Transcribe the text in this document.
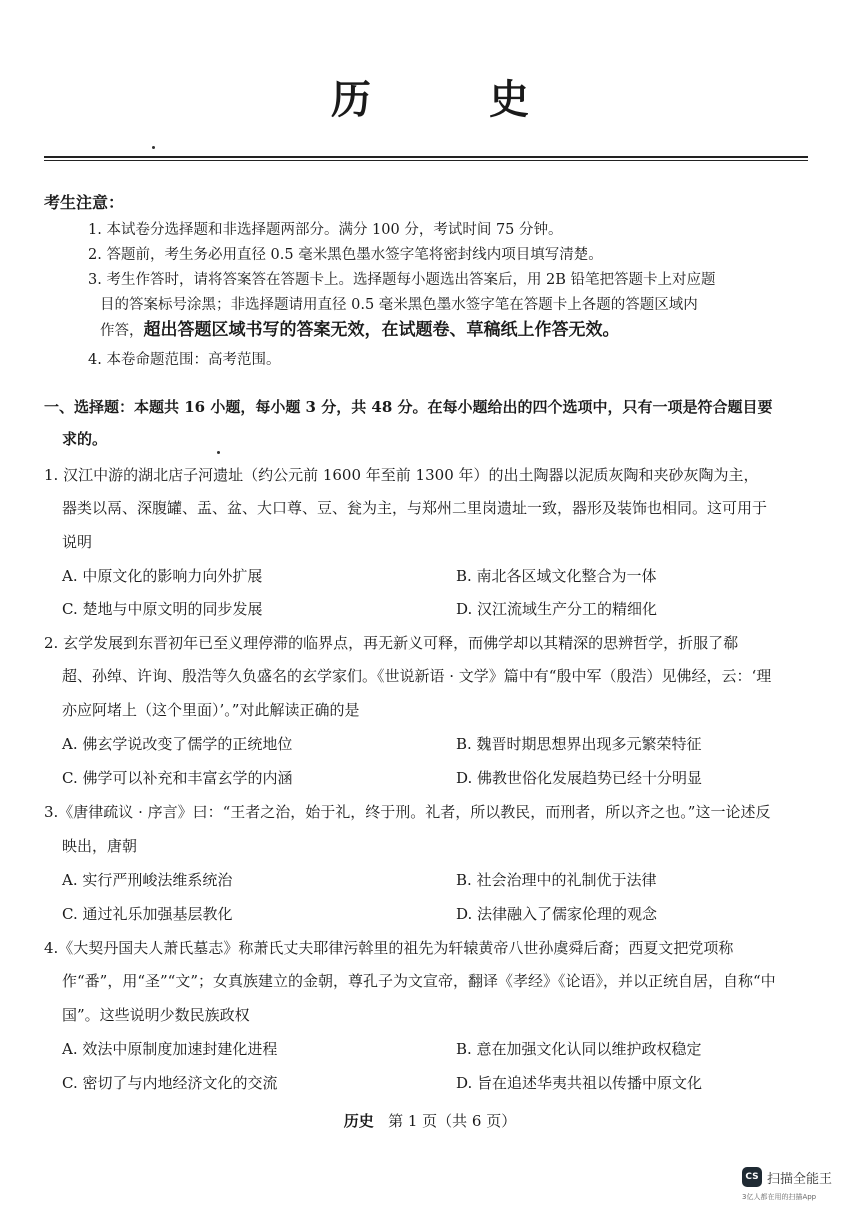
历 史
考生注意：
1. 本试卷分选择题和非选择题两部分。满分 100 分，考试时间 75 分钟。
2. 答题前，考生务必用直径 0.5 毫米黑色墨水签字笔将密封线内项目填写清楚。
3. 考生作答时，请将答案答在答题卡上。选择题每小题选出答案后，用 2B 铅笔把答题卡上对应题
目的答案标号涂黑；非选择题请用直径 0.5 毫米黑色墨水签字笔在答题卡上各题的答题区域内
作答，超出答题区域书写的答案无效，在试题卷、草稿纸上作答无效。
4. 本卷命题范围：高考范围。
一、选择题：本题共 16 小题，每小题 3 分，共 48 分。在每小题给出的四个选项中，只有一项是符合题目要
求的。
1. 汉江中游的湖北店子河遗址（约公元前 1600 年至前 1300 年）的出土陶器以泥质灰陶和夹砂灰陶为主，
器类以鬲、深腹罐、盂、盆、大口尊、豆、瓮为主，与郑州二里岗遗址一致，器形及装饰也相同。这可用于
说明
A. 中原文化的影响力向外扩展	B. 南北各区域文化整合为一体
C. 楚地与中原文明的同步发展	D. 汉江流域生产分工的精细化
2. 玄学发展到东晋初年已至义理停滞的临界点，再无新义可释，而佛学却以其精深的思辨哲学，折服了郗
超、孙绰、许询、殷浩等久负盛名的玄学家们。《世说新语 · 文学》篇中有“殷中军（殷浩）见佛经，云：‘理
亦应阿堵上（这个里面）’。”对此解读正确的是
A. 佛玄学说改变了儒学的正统地位	B. 魏晋时期思想界出现多元繁荣特征
C. 佛学可以补充和丰富玄学的内涵	D. 佛教世俗化发展趋势已经十分明显
3.《唐律疏议 · 序言》曰：“王者之治，始于礼，终于刑。礼者，所以教民，而刑者，所以齐之也。”这一论述反
映出，唐朝
A. 实行严刑峻法维系统治	B. 社会治理中的礼制优于法律
C. 通过礼乐加强基层教化	D. 法律融入了儒家伦理的观念
4.《大契丹国夫人萧氏墓志》称萧氏丈夫耶律污斡里的祖先为轩辕黄帝八世孙虞舜后裔；西夏文把党项称
作“番”，用“圣”“文”；女真族建立的金朝，尊孔子为文宣帝，翻译《孝经》《论语》，并以正统自居，自称“中
国”。这些说明少数民族政权
A. 效法中原制度加速封建化进程	B. 意在加强文化认同以维护政权稳定
C. 密切了与内地经济文化的交流	D. 旨在追述华夷共祖以传播中原文化
历史 第 1 页（共 6 页）
CS 扫描全能王
3亿人都在用的扫描App
